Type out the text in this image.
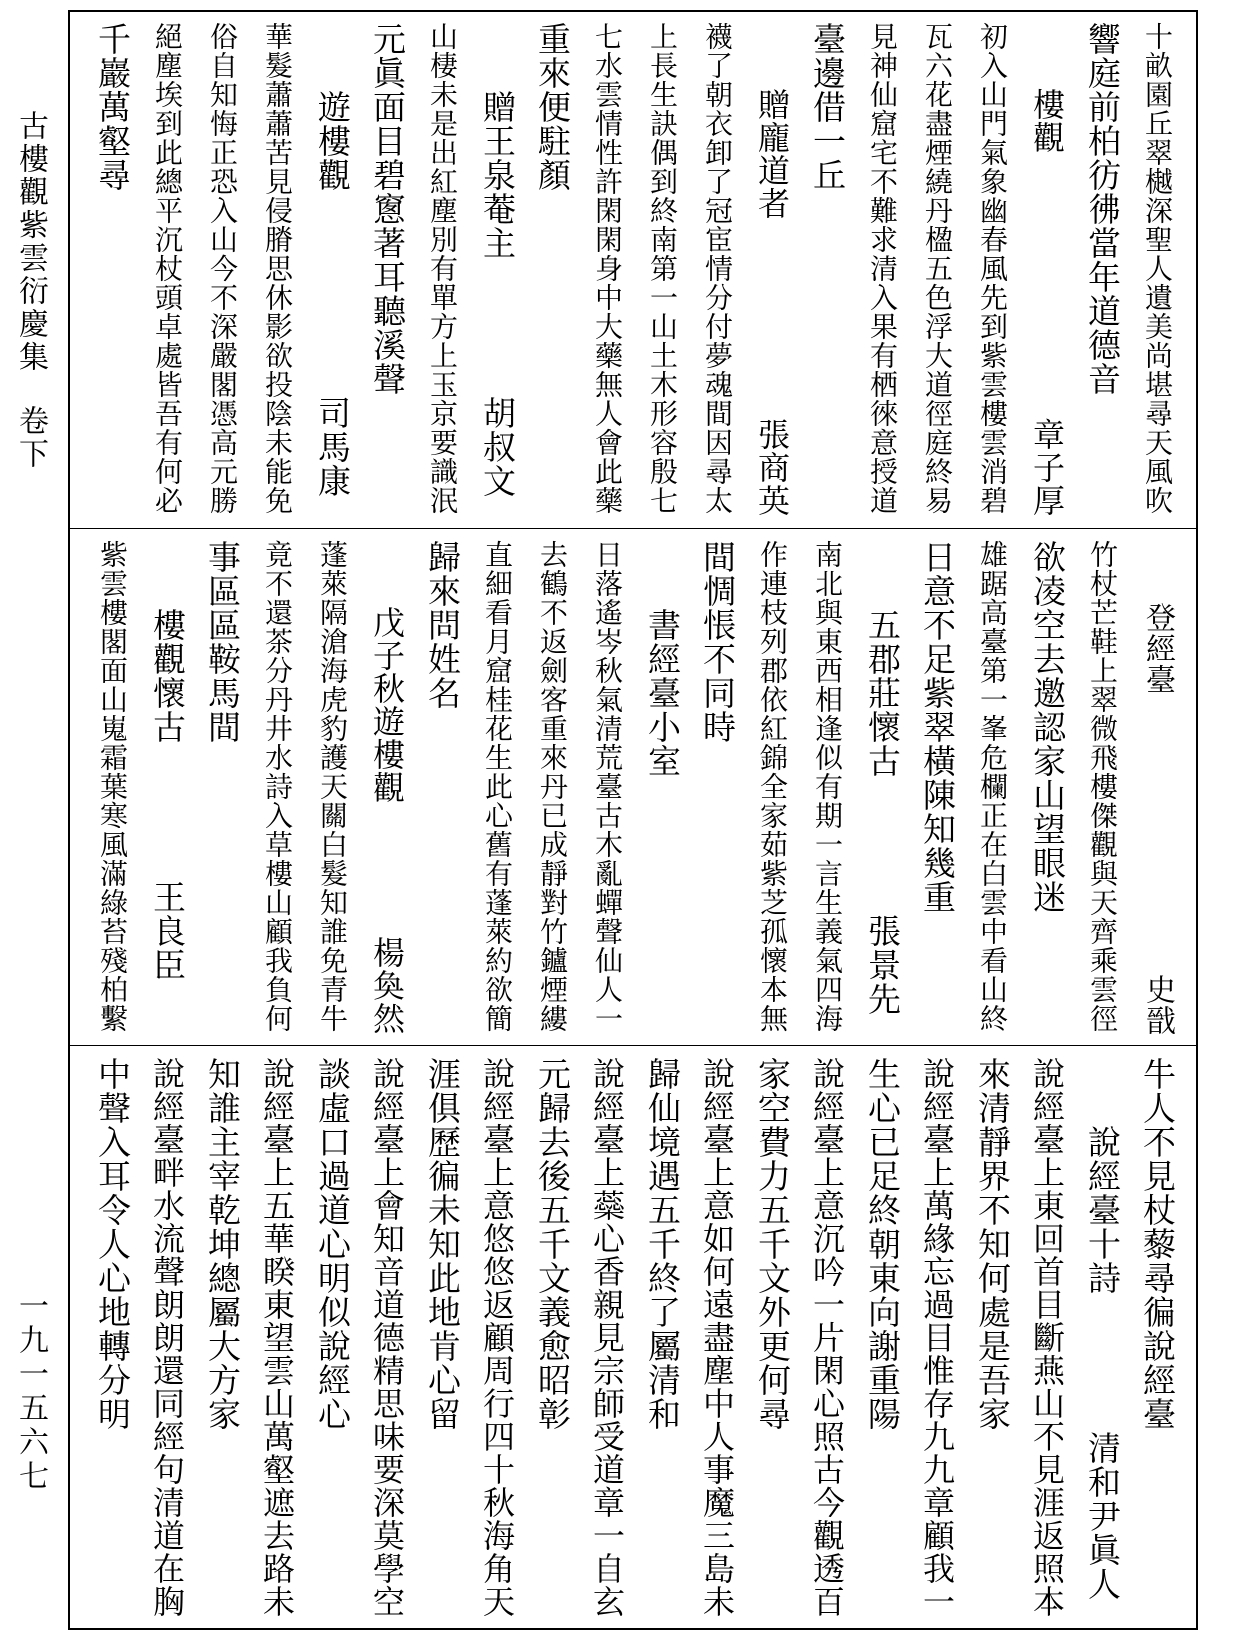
古樓觀紫雲衍慶集
卷下
一九一五六七
十畝園丘翠樾深聖人遺美尚堪尋天風吹
響庭前柏彷彿當年道德音
　　樓觀　　　　　　　　章子厚
初入山門氣象幽春風先到紫雲樓雲消碧
瓦六花盡煙繞丹楹五色浮大道徑庭終易
見神仙窟宅不難求清入果有栖徠意授道
臺邊借一丘
　　贈龐道者　　　　　　張商英
襪了朝衣卸了冠宦情分付夢魂間因尋太
上長生訣偶到終南第一山土木形容殷七
七水雲情性許閑閑身中大藥無人會此藥
重來便駐顏
　　贈王泉菴主　　　　胡叔文
山棲未是出紅塵別有單方上玉京要識泯
元眞面目碧窻著耳聽溪聲
　　遊樓觀　　　　　　司馬康
華髮蕭蕭苦見侵膌思休影欲投陰未能免
俗自知悔正恐入山今不深嚴閣憑高元勝
絕塵埃到此總平沉杖頭卓處皆吾有何必
千巖萬壑尋
　　登經臺　　　　　　　　　史戩
竹杖芒鞋上翠微飛樓傑觀與天齊乘雲徑
欲凌空去邀認家山望眼迷
雄踞高臺第一峯危欄正在白雲中看山終
日意不足紫翠橫陳知幾重
　　五郡莊懷古　　　　張景先
南北與東西相逢似有期一言生義氣四海
作連枝列郡依紅錦全家茹紫芝孤懷本無
間惆悵不同時
　　書經臺小室
日落遙岑秋氣清荒臺古木亂蟬聲仙人一
去鶴不返劍客重來丹已成靜對竹鑪煙縷
直細看月窟桂花生此心舊有蓬萊約欲簡
歸來問姓名
　　戊子秋遊樓觀　　　　楊奐然
蓬萊隔滄海虎豹護天關白髮知誰免青牛
竟不還茶分丹井水詩入草樓山顧我負何
事區區鞍馬間
　　樓觀懷古　　　　王良臣
紫雲樓閣面山嵬霜葉寒風滿綠苔殘柏繫
牛人不見杖藜尋徧說經臺
　　說經臺十詩　　　　清和尹眞人
說經臺上東回首目斷燕山不見涯返照本
來清靜界不知何處是吾家
說經臺上萬緣忘過目惟存九九章顧我一
生心已足終朝東向謝重陽
說經臺上意沉吟一片閑心照古今觀透百
家空費力五千文外更何尋
說經臺上意如何遠盡塵中人事魔三島未
歸仙境遇五千終了屬清和
說經臺上蘂心香親見宗師受道章一自玄
元歸去後五千文義愈昭彰
說經臺上意悠悠返顧周行四十秋海角天
涯俱歷徧未知此地肯心留
說經臺上會知音道德精思味要深莫學空
談虛口過道心明似說經心
說經臺上五華睽東望雲山萬壑遮去路未
知誰主宰乾坤總屬大方家
說經臺畔水流聲朗朗還同經句清道在胸
中聲入耳令人心地轉分明
